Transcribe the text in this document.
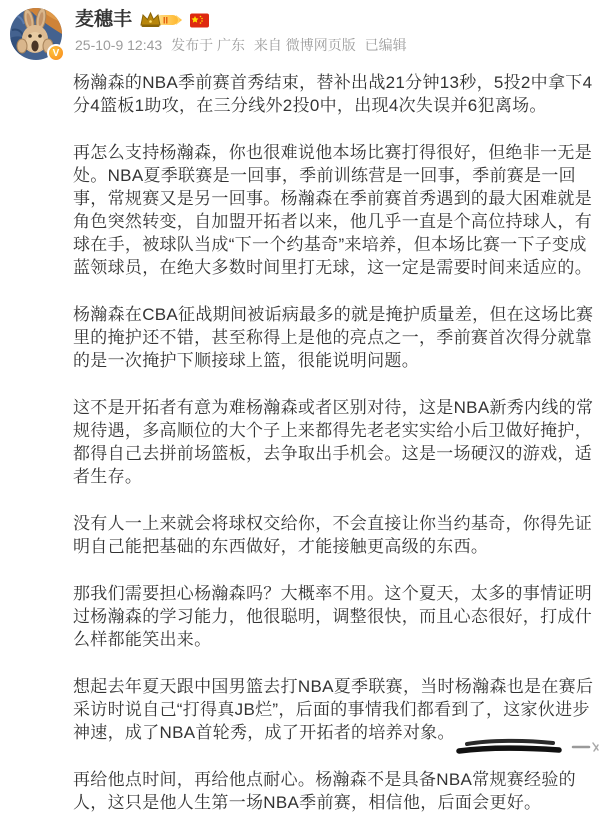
V
麦穗丰	II
25-10-9 12:43 发布于 广东 来自 微博网页版 已编辑

杨瀚森的NBA季前赛首秀结束，替补出战21分钟13秒，5投2中拿下4分4篮板1助攻，在三分线外2投0中，出现4次失误并6犯离场。

再怎么支持杨瀚森，你也很难说他本场比赛打得很好，但绝非一无是处。NBA夏季联赛是一回事，季前训练营是一回事，季前赛是一回事，常规赛又是另一回事。杨瀚森在季前赛首秀遇到的最大困难就是角色突然转变，自加盟开拓者以来，他几乎一直是个高位持球人，有球在手，被球队当成“下一个约基奇”来培养，但本场比赛一下子变成蓝领球员，在绝大多数时间里打无球，这一定是需要时间来适应的。

杨瀚森在CBA征战期间被诟病最多的就是掩护质量差，但在这场比赛里的掩护还不错，甚至称得上是他的亮点之一，季前赛首次得分就靠的是一次掩护下顺接球上篮，很能说明问题。

这不是开拓者有意为难杨瀚森或者区别对待，这是NBA新秀内线的常规待遇，多高顺位的大个子上来都得先老老实实给小后卫做好掩护，都得自己去拼前场篮板，去争取出手机会。这是一场硬汉的游戏，适者生存。

没有人一上来就会将球权交给你，不会直接让你当约基奇，你得先证明自己能把基础的东西做好，才能接触更高级的东西。

那我们需要担心杨瀚森吗？大概率不用。这个夏天，太多的事情证明过杨瀚森的学习能力，他很聪明，调整很快，而且心态很好，打成什么样都能笑出来。

想起去年夏天跟中国男篮去打NBA夏季联赛，当时杨瀚森也是在赛后采访时说自己“打得真JB烂”，后面的事情我们都看到了，这家伙进步神速，成了NBA首轮秀，成了开拓者的培养对象。

再给他点时间，再给他点耐心。杨瀚森不是具备NBA常规赛经验的人，这只是他人生第一场NBA季前赛，相信他，后面会更好。
